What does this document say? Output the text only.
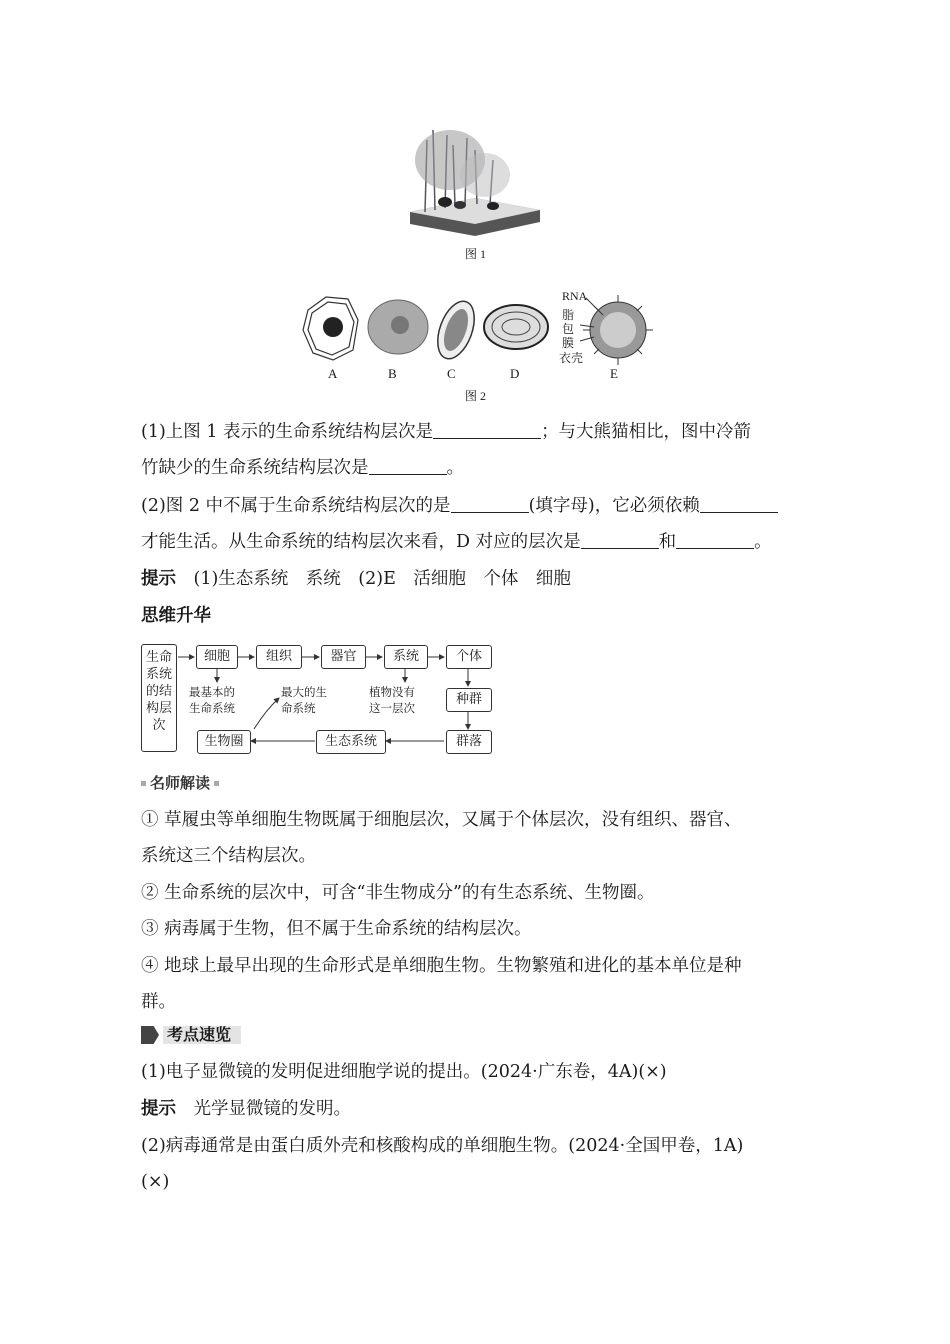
图 1
RNA
脂
包
膜
衣壳
A	B	C	D	E
图 2
(1)上图 1 表示的生命系统结构层次是	；与大熊猫相比，图中冷箭
竹缺少的生命系统结构层次是	。
(2)图 2 中不属于生命系统结构层次的是	(填字母)，它必须依赖
才能生活。从生命系统的结构层次来看，D 对应的层次是	和	。
提示　 (1)生态系统　系统　(2)E　活细胞　个体　细胞
思维升华
生命
系统
的结
构层
次
细胞	组织	器官	系统	个体
种群
群落
生态系统
生物圈
最基本的
生命系统
最大的生
命系统
植物没有
这一层次
名师解读
① 草履虫等单细胞生物既属于细胞层次，又属于个体层次，没有组织、器官、
系统这三个结构层次。
② 生命系统的层次中，可含“非生物成分”的有生态系统、生物圈。
③ 病毒属于生物，但不属于生命系统的结构层次。
④ 地球上最早出现的生命形式是单细胞生物。生物繁殖和进化的基本单位是种
群。
考点速览
(1)电子显微镜的发明促进细胞学说的提出。(2024·广东卷，4A)(×)
提示　 光学显微镜的发明。
(2)病毒通常是由蛋白质外壳和核酸构成的单细胞生物。(2024·全国甲卷，1A)
(×)
